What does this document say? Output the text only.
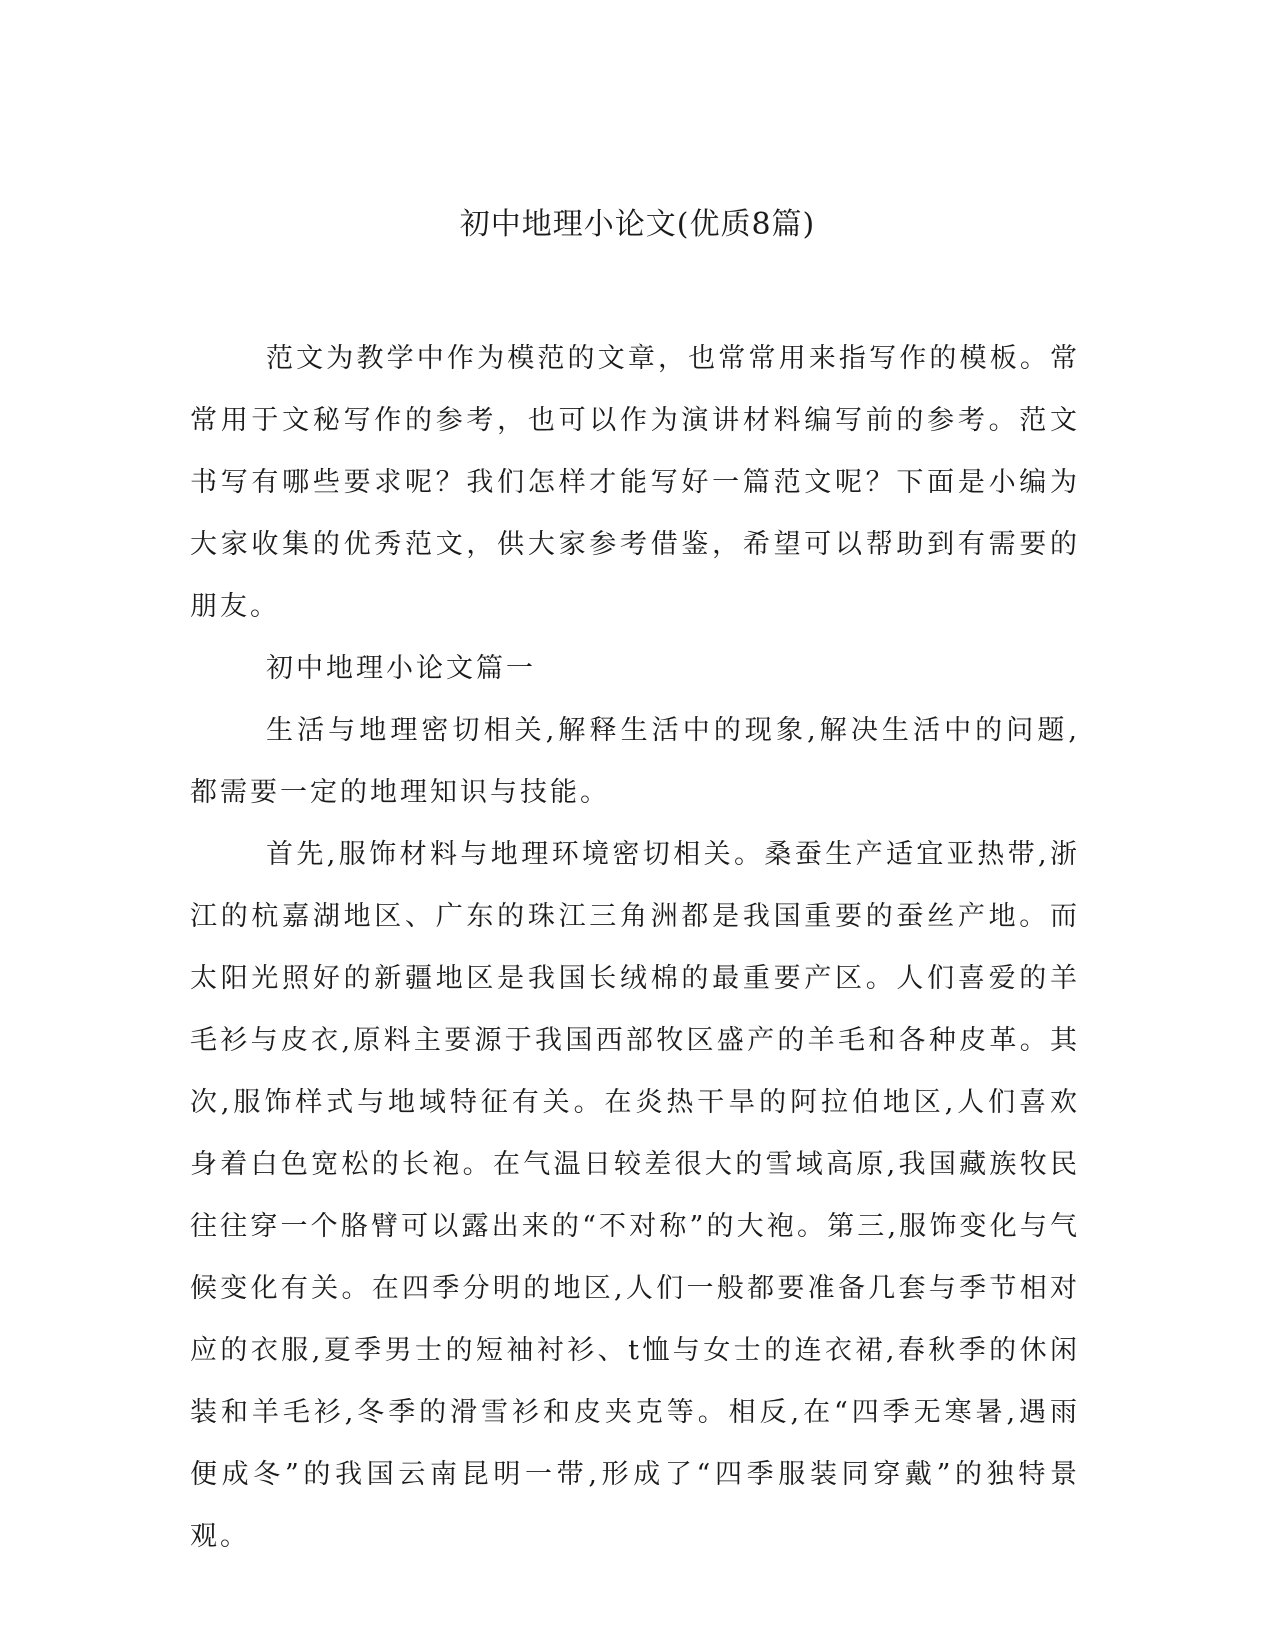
初中地理小论文(优质8篇)

范文为教学中作为模范的文章，也常常用来指写作的模板。常常用于文秘写作的参考，也可以作为演讲材料编写前的参考。范文书写有哪些要求呢？我们怎样才能写好一篇范文呢？下面是小编为大家收集的优秀范文，供大家参考借鉴，希望可以帮助到有需要的朋友。

初中地理小论文篇一

生活与地理密切相关,解释生活中的现象,解决生活中的问题,都需要一定的地理知识与技能。

首先,服饰材料与地理环境密切相关。桑蚕生产适宜亚热带,浙江的杭嘉湖地区、广东的珠江三角洲都是我国重要的蚕丝产地。而太阳光照好的新疆地区是我国长绒棉的最重要产区。人们喜爱的羊毛衫与皮衣,原料主要源于我国西部牧区盛产的羊毛和各种皮革。其次,服饰样式与地域特征有关。在炎热干旱的阿拉伯地区,人们喜欢身着白色宽松的长袍。在气温日较差很大的雪域高原,我国藏族牧民往往穿一个胳臂可以露出来的“不对称”的大袍。第三,服饰变化与气候变化有关。在四季分明的地区,人们一般都要准备几套与季节相对应的衣服,夏季男士的短袖衬衫、t恤与女士的连衣裙,春秋季的休闲装和羊毛衫,冬季的滑雪衫和皮夹克等。相反,在“四季无寒暑,遇雨便成冬”的我国云南昆明一带,形成了“四季服装同穿戴”的独特景观。
